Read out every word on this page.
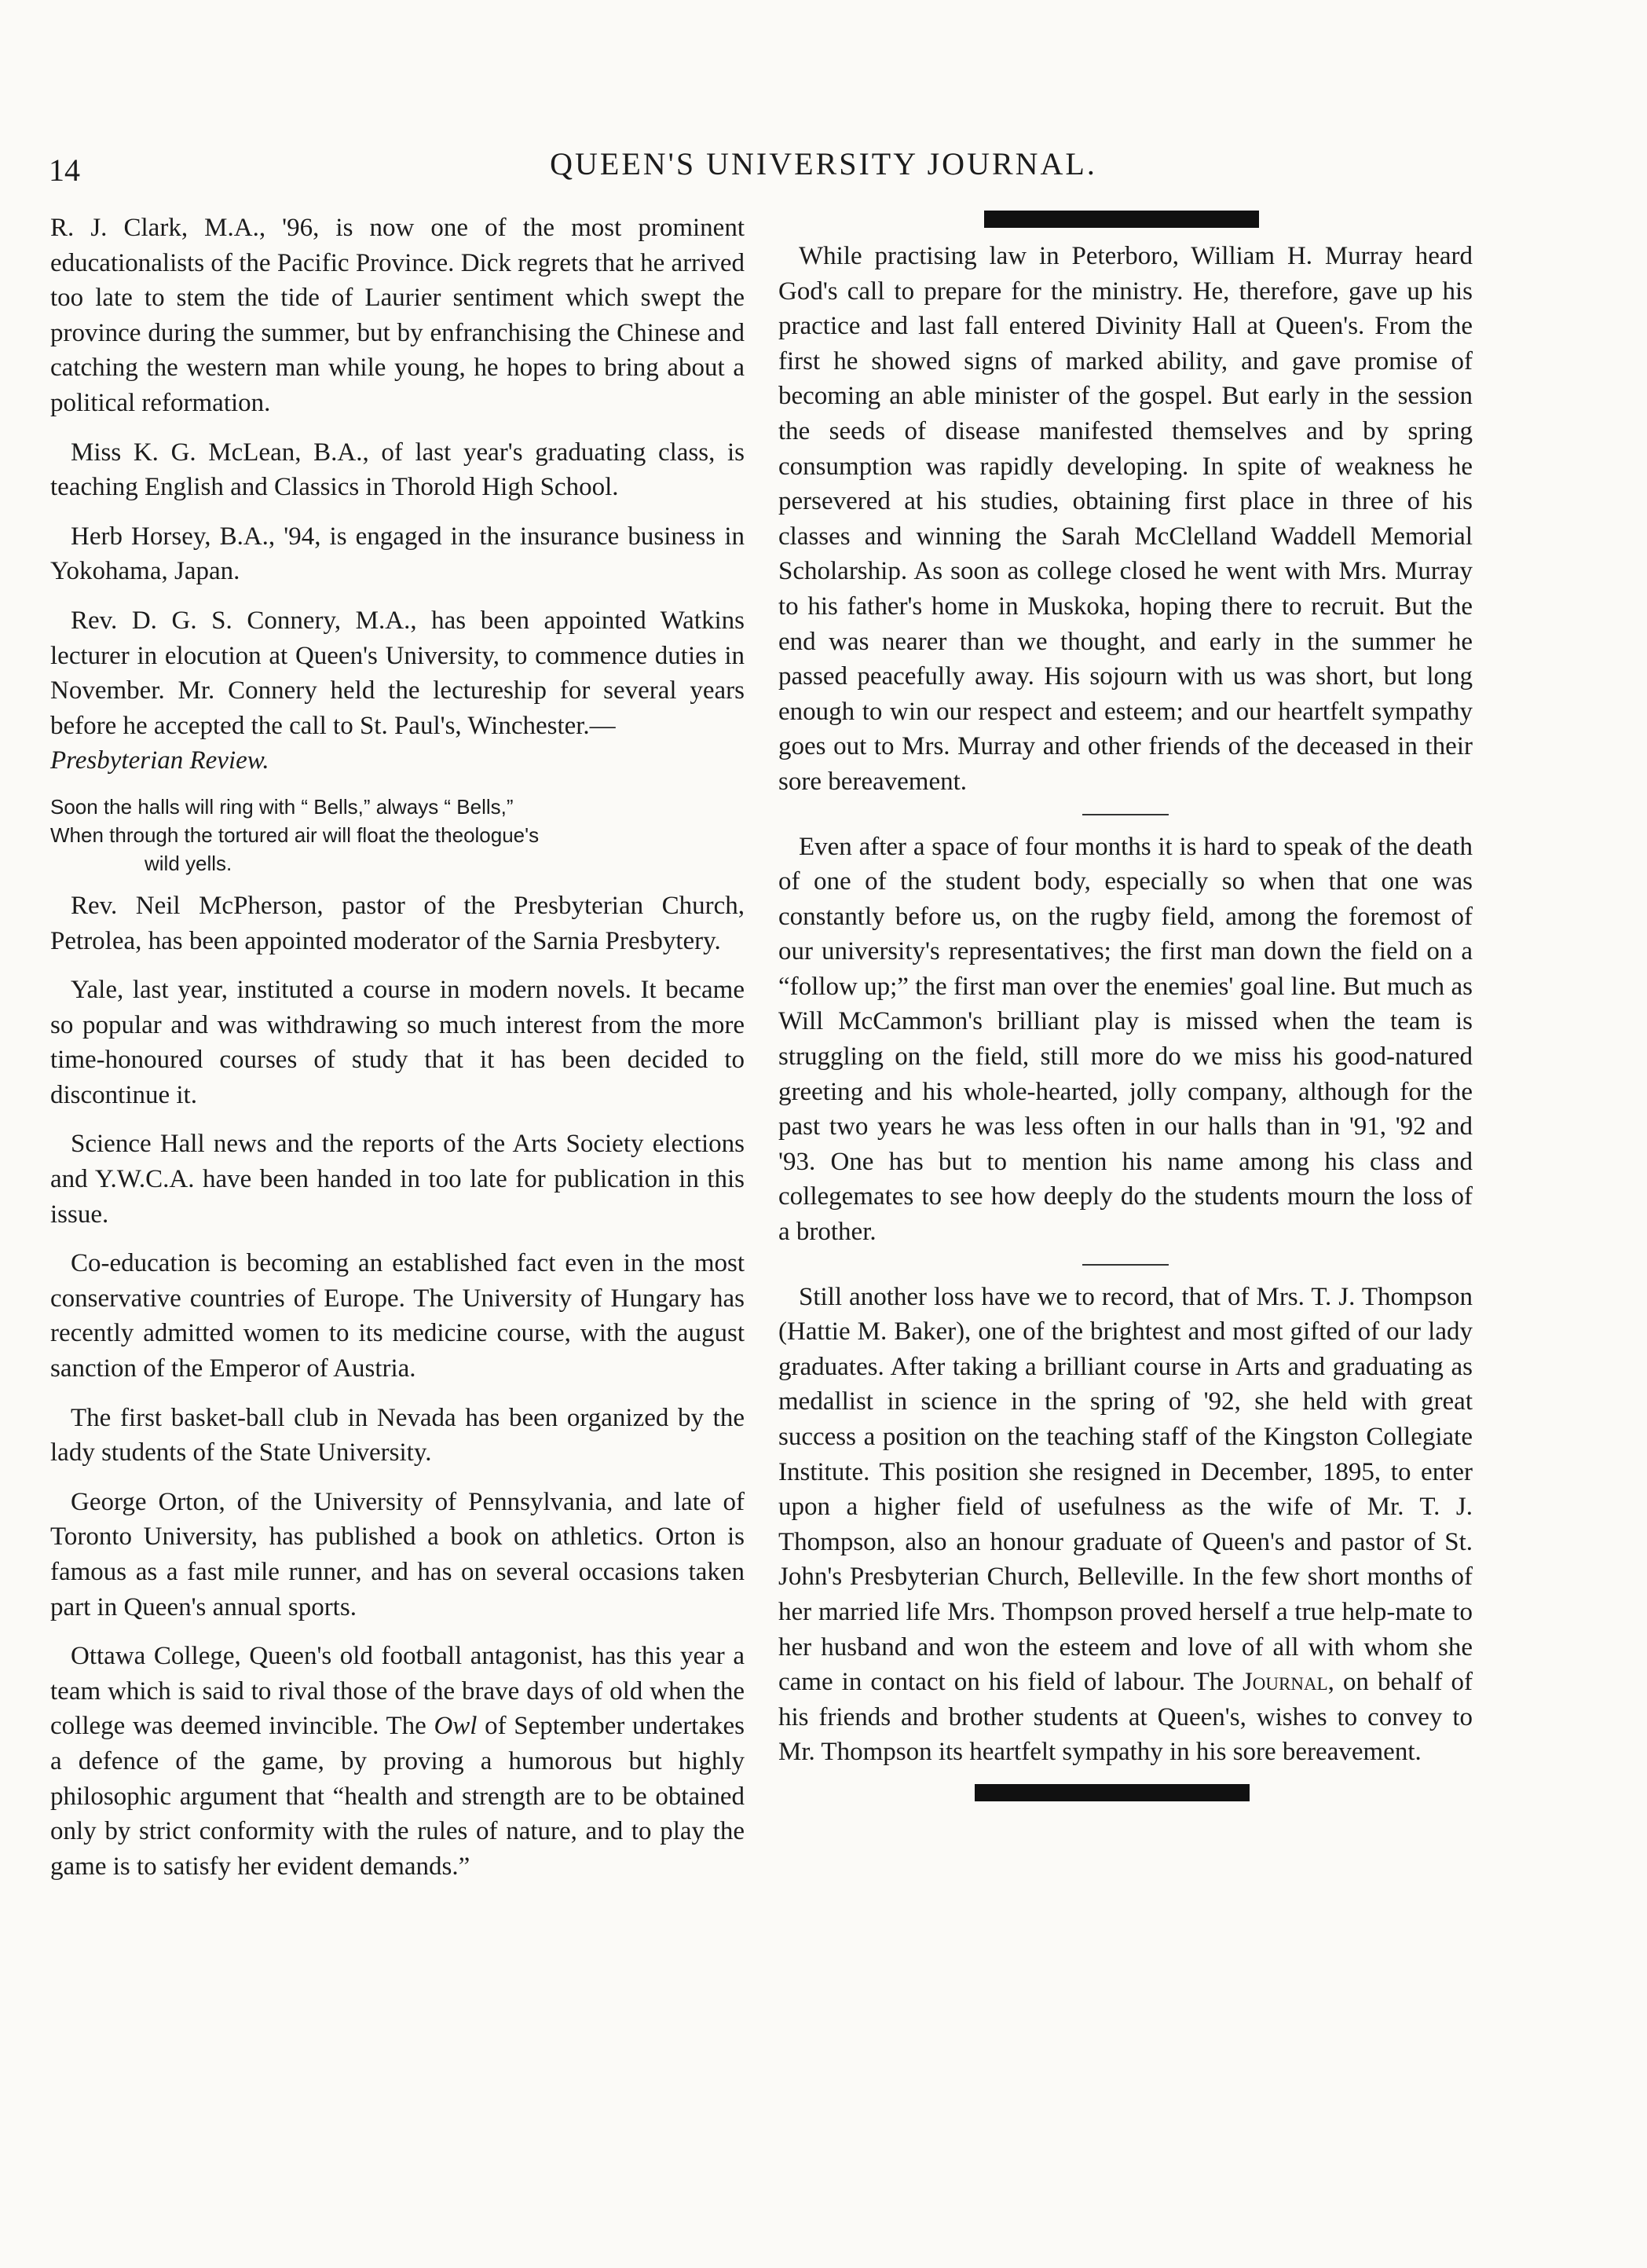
14	QUEEN'S UNIVERSITY JOURNAL.

R. J. Clark, M.A., '96, is now one of the most prominent educationalists of the Pacific Province. Dick regrets that he arrived too late to stem the tide of Laurier sentiment which swept the province during the summer, but by enfranchising the Chinese and catching the western man while young, he hopes to bring about a political reformation.

Miss K. G. McLean, B.A., of last year's graduating class, is teaching English and Classics in Thorold High School.

Herb Horsey, B.A., '94, is engaged in the insurance business in Yokohama, Japan.

Rev. D. G. S. Connery, M.A., has been appointed Watkins lecturer in elocution at Queen's University, to commence duties in November. Mr. Connery held the lectureship for several years before he accepted the call to St. Paul's, Winchester.—
Presbyterian Review.

Soon the halls will ring with “ Bells,” always “ Bells,”
When through the tortured air will float the theologue's
wild yells.

Rev. Neil McPherson, pastor of the Presbyterian Church, Petrolea, has been appointed moderator of the Sarnia Presbytery.

Yale, last year, instituted a course in modern novels. It became so popular and was withdrawing so much interest from the more time-honoured courses of study that it has been decided to discontinue it.

Science Hall news and the reports of the Arts Society elections and Y.W.C.A. have been handed in too late for publication in this issue.

Co-education is becoming an established fact even in the most conservative countries of Europe. The University of Hungary has recently admitted women to its medicine course, with the august sanction of the Emperor of Austria.

The first basket-ball club in Nevada has been organized by the lady students of the State University.

George Orton, of the University of Pennsylvania, and late of Toronto University, has published a book on athletics. Orton is famous as a fast mile runner, and has on several occasions taken part in Queen's annual sports.

Ottawa College, Queen's old football antagonist, has this year a team which is said to rival those of the brave days of old when the college was deemed invincible. The Owl of September undertakes a defence of the game, by proving a humorous but highly philosophic argument that “health and strength are to be obtained only by strict conformity with the rules of nature, and to play the game is to satisfy her evident demands.”

While practising law in Peterboro, William H. Murray heard God's call to prepare for the ministry. He, therefore, gave up his practice and last fall entered Divinity Hall at Queen's. From the first he showed signs of marked ability, and gave promise of becoming an able minister of the gospel. But early in the session the seeds of disease manifested themselves and by spring consumption was rapidly developing. In spite of weakness he persevered at his studies, obtaining first place in three of his classes and winning the Sarah McClelland Waddell Memorial Scholarship. As soon as college closed he went with Mrs. Murray to his father's home in Muskoka, hoping there to recruit. But the end was nearer than we thought, and early in the summer he passed peacefully away. His sojourn with us was short, but long enough to win our respect and esteem; and our heartfelt sympathy goes out to Mrs. Murray and other friends of the deceased in their sore bereavement.

Even after a space of four months it is hard to speak of the death of one of the student body, especially so when that one was constantly before us, on the rugby field, among the foremost of our university's representatives; the first man down the field on a “follow up;” the first man over the enemies' goal line. But much as Will McCammon's brilliant play is missed when the team is struggling on the field, still more do we miss his good-natured greeting and his whole-hearted, jolly company, although for the past two years he was less often in our halls than in '91, '92 and '93. One has but to mention his name among his class and collegemates to see how deeply do the students mourn the loss of a brother.

Still another loss have we to record, that of Mrs. T. J. Thompson (Hattie M. Baker), one of the brightest and most gifted of our lady graduates. After taking a brilliant course in Arts and graduating as medallist in science in the spring of '92, she held with great success a position on the teaching staff of the Kingston Collegiate Institute. This position she resigned in December, 1895, to enter upon a higher field of usefulness as the wife of Mr. T. J. Thompson, also an honour graduate of Queen's and pastor of St. John's Presbyterian Church, Belleville. In the few short months of her married life Mrs. Thompson proved herself a true help-mate to her husband and won the esteem and love of all with whom she came in contact on his field of labour. The Journal, on behalf of his friends and brother students at Queen's, wishes to convey to Mr. Thompson its heartfelt sympathy in his sore bereavement.
